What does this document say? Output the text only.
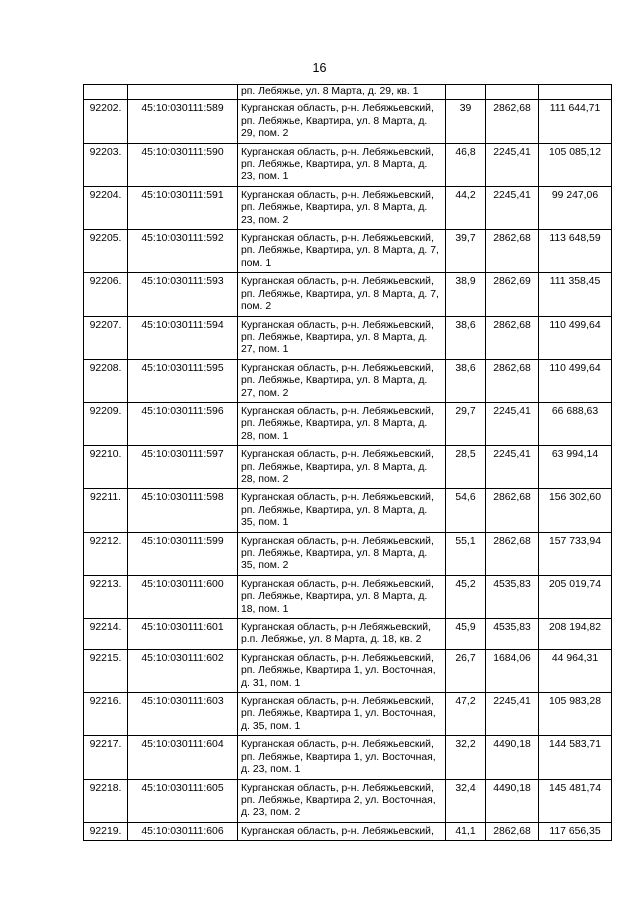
16
		рп. Лебяжье, ул. 8 Марта, д. 29, кв. 1			
92202.	45:10:030111:589	Курганская область, р-н. Лебяжьевский, рп. Лебяжье, Квартира, ул. 8 Марта, д. 29, пом. 2	39	2862,68	111 644,71
92203.	45:10:030111:590	Курганская область, р-н. Лебяжьевский, рп. Лебяжье, Квартира, ул. 8 Марта, д. 23, пом. 1	46,8	2245,41	105 085,12
92204.	45:10:030111:591	Курганская область, р-н. Лебяжьевский, рп. Лебяжье, Квартира, ул. 8 Марта, д. 23, пом. 2	44,2	2245,41	99 247,06
92205.	45:10:030111:592	Курганская область, р-н. Лебяжьевский, рп. Лебяжье, Квартира, ул. 8 Марта, д. 7, пом. 1	39,7	2862,68	113 648,59
92206.	45:10:030111:593	Курганская область, р-н. Лебяжьевский, рп. Лебяжье, Квартира, ул. 8 Марта, д. 7, пом. 2	38,9	2862,69	111 358,45
92207.	45:10:030111:594	Курганская область, р-н. Лебяжьевский, рп. Лебяжье, Квартира, ул. 8 Марта, д. 27, пом. 1	38,6	2862,68	110 499,64
92208.	45:10:030111:595	Курганская область, р-н. Лебяжьевский, рп. Лебяжье, Квартира, ул. 8 Марта, д. 27, пом. 2	38,6	2862,68	110 499,64
92209.	45:10:030111:596	Курганская область, р-н. Лебяжьевский, рп. Лебяжье, Квартира, ул. 8 Марта, д. 28, пом. 1	29,7	2245,41	66 688,63
92210.	45:10:030111:597	Курганская область, р-н. Лебяжьевский, рп. Лебяжье, Квартира, ул. 8 Марта, д. 28, пом. 2	28,5	2245,41	63 994,14
92211.	45:10:030111:598	Курганская область, р-н. Лебяжьевский, рп. Лебяжье, Квартира, ул. 8 Марта, д. 35, пом. 1	54,6	2862,68	156 302,60
92212.	45:10:030111:599	Курганская область, р-н. Лебяжьевский, рп. Лебяжье, Квартира, ул. 8 Марта, д. 35, пом. 2	55,1	2862,68	157 733,94
92213.	45:10:030111:600	Курганская область, р-н. Лебяжьевский, рп. Лебяжье, Квартира, ул. 8 Марта, д. 18, пом. 1	45,2	4535,83	205 019,74
92214.	45:10:030111:601	Курганская область, р-н Лебяжьевский, р.п. Лебяжье, ул. 8 Марта, д. 18, кв. 2	45,9	4535,83	208 194,82
92215.	45:10:030111:602	Курганская область, р-н. Лебяжьевский, рп. Лебяжье, Квартира 1, ул. Восточная, д. 31, пом. 1	26,7	1684,06	44 964,31
92216.	45:10:030111:603	Курганская область, р-н. Лебяжьевский, рп. Лебяжье, Квартира 1, ул. Восточная, д. 35, пом. 1	47,2	2245,41	105 983,28
92217.	45:10:030111:604	Курганская область, р-н. Лебяжьевский, рп. Лебяжье, Квартира 1, ул. Восточная, д. 23, пом. 1	32,2	4490,18	144 583,71
92218.	45:10:030111:605	Курганская область, р-н. Лебяжьевский, рп. Лебяжье, Квартира 2, ул. Восточная, д. 23, пом. 2	32,4	4490,18	145 481,74
92219.	45:10:030111:606	Курганская область, р-н. Лебяжьевский,	41,1	2862,68	117 656,35
